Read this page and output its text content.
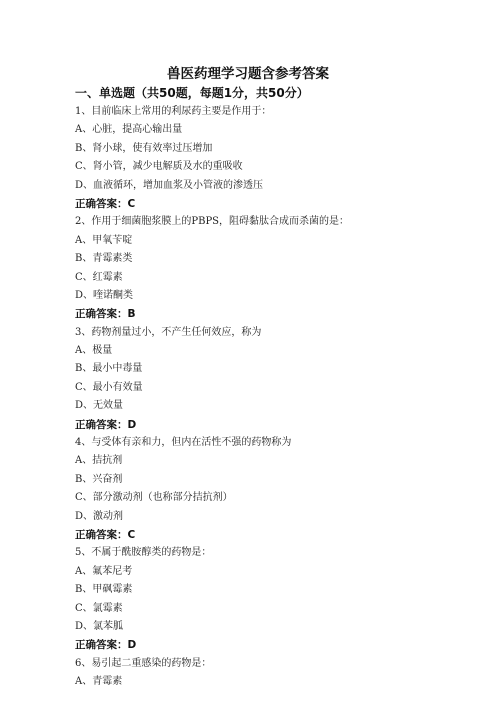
兽医药理学习题含参考答案
一、单选题（共50题，每题1分，共50分）
1、目前临床上常用的利尿药主要是作用于：
A、心脏，提高心输出量
B、肾小球，使有效率过压增加
C、肾小管，减少电解质及水的重吸收
D、血液循环，增加血浆及小管液的渗透压
正确答案：C
2、作用于细菌胞浆膜上的PBPS，阻碍黏肽合成而杀菌的是：
A、甲氧苄啶
B、青霉素类
C、红霉素
D、喹诺酮类
正确答案：B
3、药物剂量过小，不产生任何效应，称为
A、极量
B、最小中毒量
C、最小有效量
D、无效量
正确答案：D
4、与受体有亲和力，但内在活性不强的药物称为
A、拮抗剂
B、兴奋剂
C、部分激动剂（也称部分拮抗剂）
D、激动剂
正确答案：C
5、不属于酰胺醇类的药物是：
A、氟苯尼考
B、甲砜霉素
C、氯霉素
D、氯苯胍
正确答案：D
6、易引起二重感染的药物是：
A、青霉素
